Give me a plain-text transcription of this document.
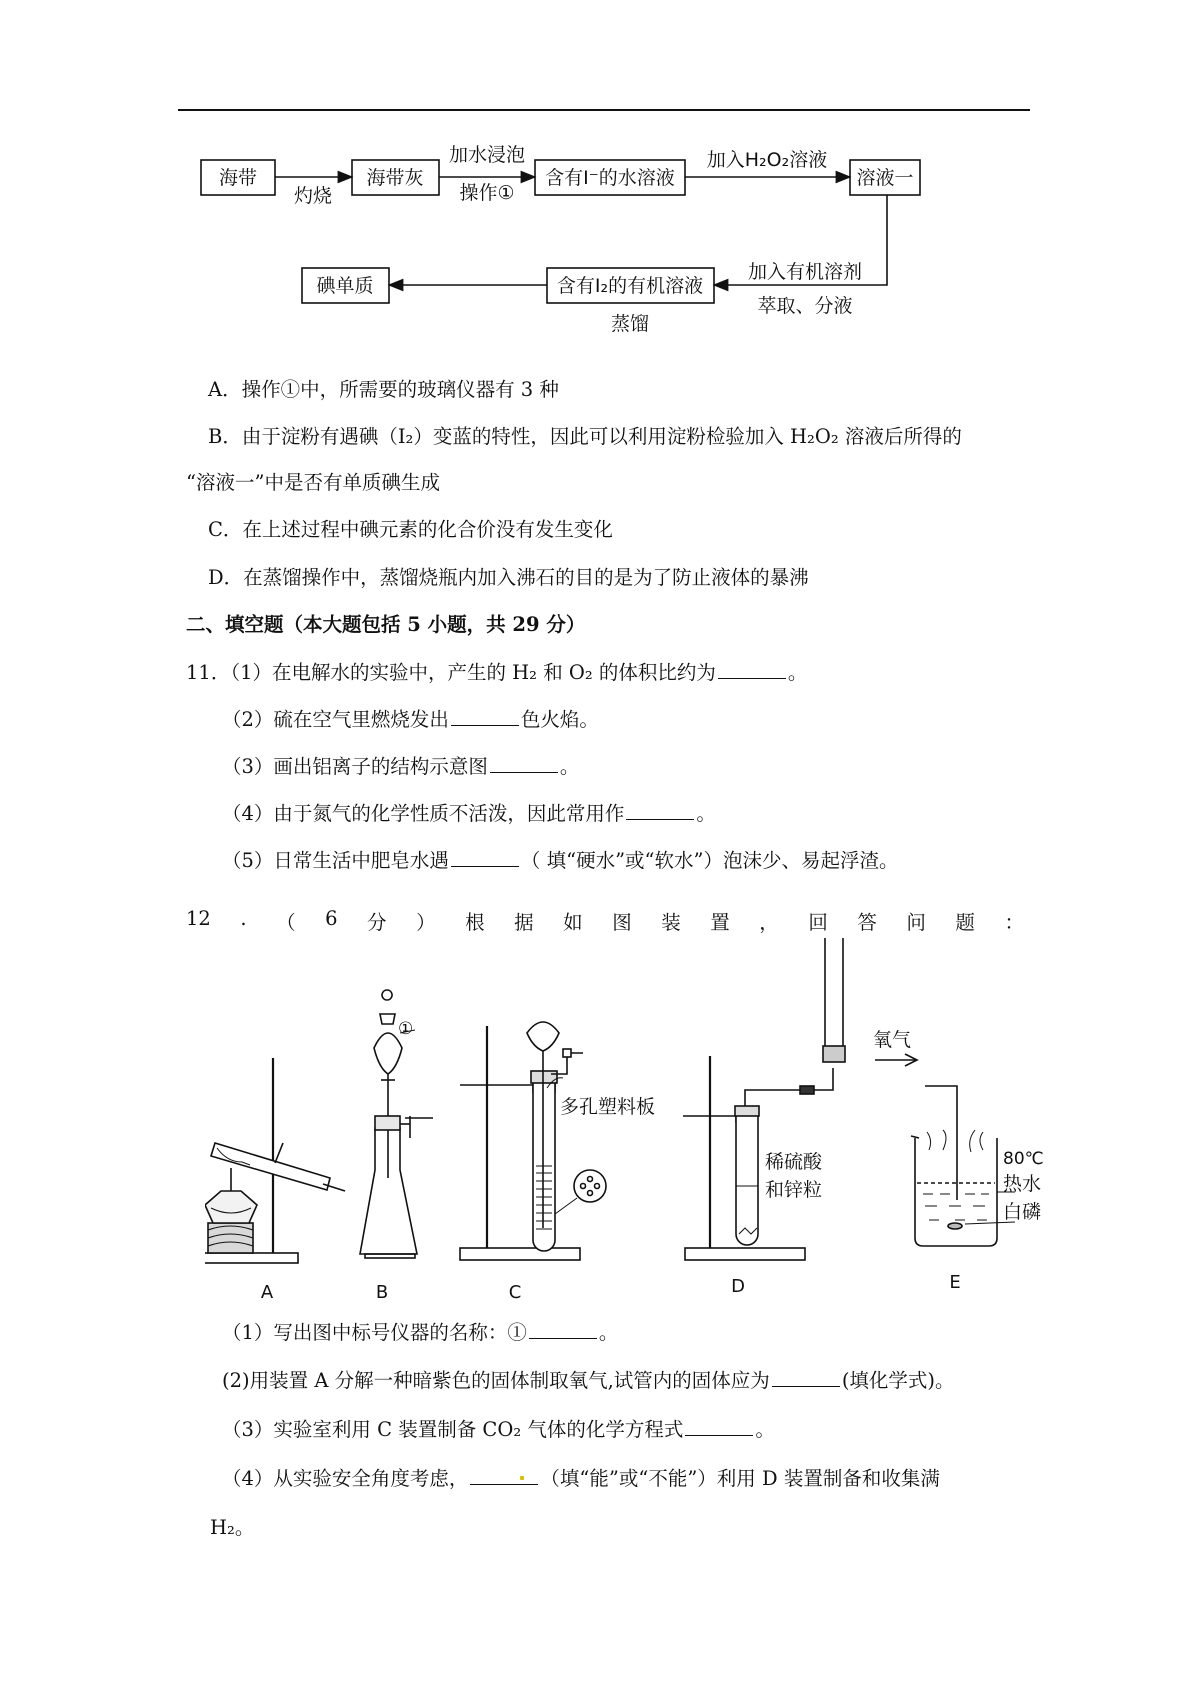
海带	海带灰	含有I⁻的水溶液	溶液一
含有I₂的有机溶液
碘单质
灼烧
加水浸泡
操作①
加入H₂O₂溶液
加入有机溶剂
萃取、分液
蒸馏
A．操作①中，所需要的玻璃仪器有 3 种
B．由于淀粉有遇碘（I₂）变蓝的特性，因此可以利用淀粉检验加入 H₂O₂ 溶液后所得的
“溶液一”中是否有单质碘生成
C．在上述过程中碘元素的化合价没有发生变化
D．在蒸馏操作中，蒸馏烧瓶内加入沸石的目的是为了防止液体的暴沸
二、填空题（本大题包括 5 小题，共 29 分）
11．（1）在电解水的实验中，产生的 H₂ 和 O₂ 的体积比约为	。
（2）硫在空气里燃烧发出	色火焰。
（3）画出铝离子的结构示意图	。
（4）由于氮气的化学性质不活泼，因此常用作	。
（5）日常生活中肥皂水遇	（ 填“硬水”或“软水”）泡沫少、易起浮渣。
12 . （ 6 分 ） 根 据 如 图 装 置 ， 回 答 问 题 ：
①
多孔塑料板
稀硫酸
和锌粒
氧气
80℃
热水
白磷
A	B	C	D	E
（1）写出图中标号仪器的名称：①	。
(2)用装置 A 分解一种暗紫色的固体制取氧气,试管内的固体应为	(填化学式)。
（3）实验室利用 C 装置制备 CO₂ 气体的化学方程式	。
（4）从实验安全角度考虑，	（填“能”或“不能”）利用 D 装置制备和收集满
H₂。
